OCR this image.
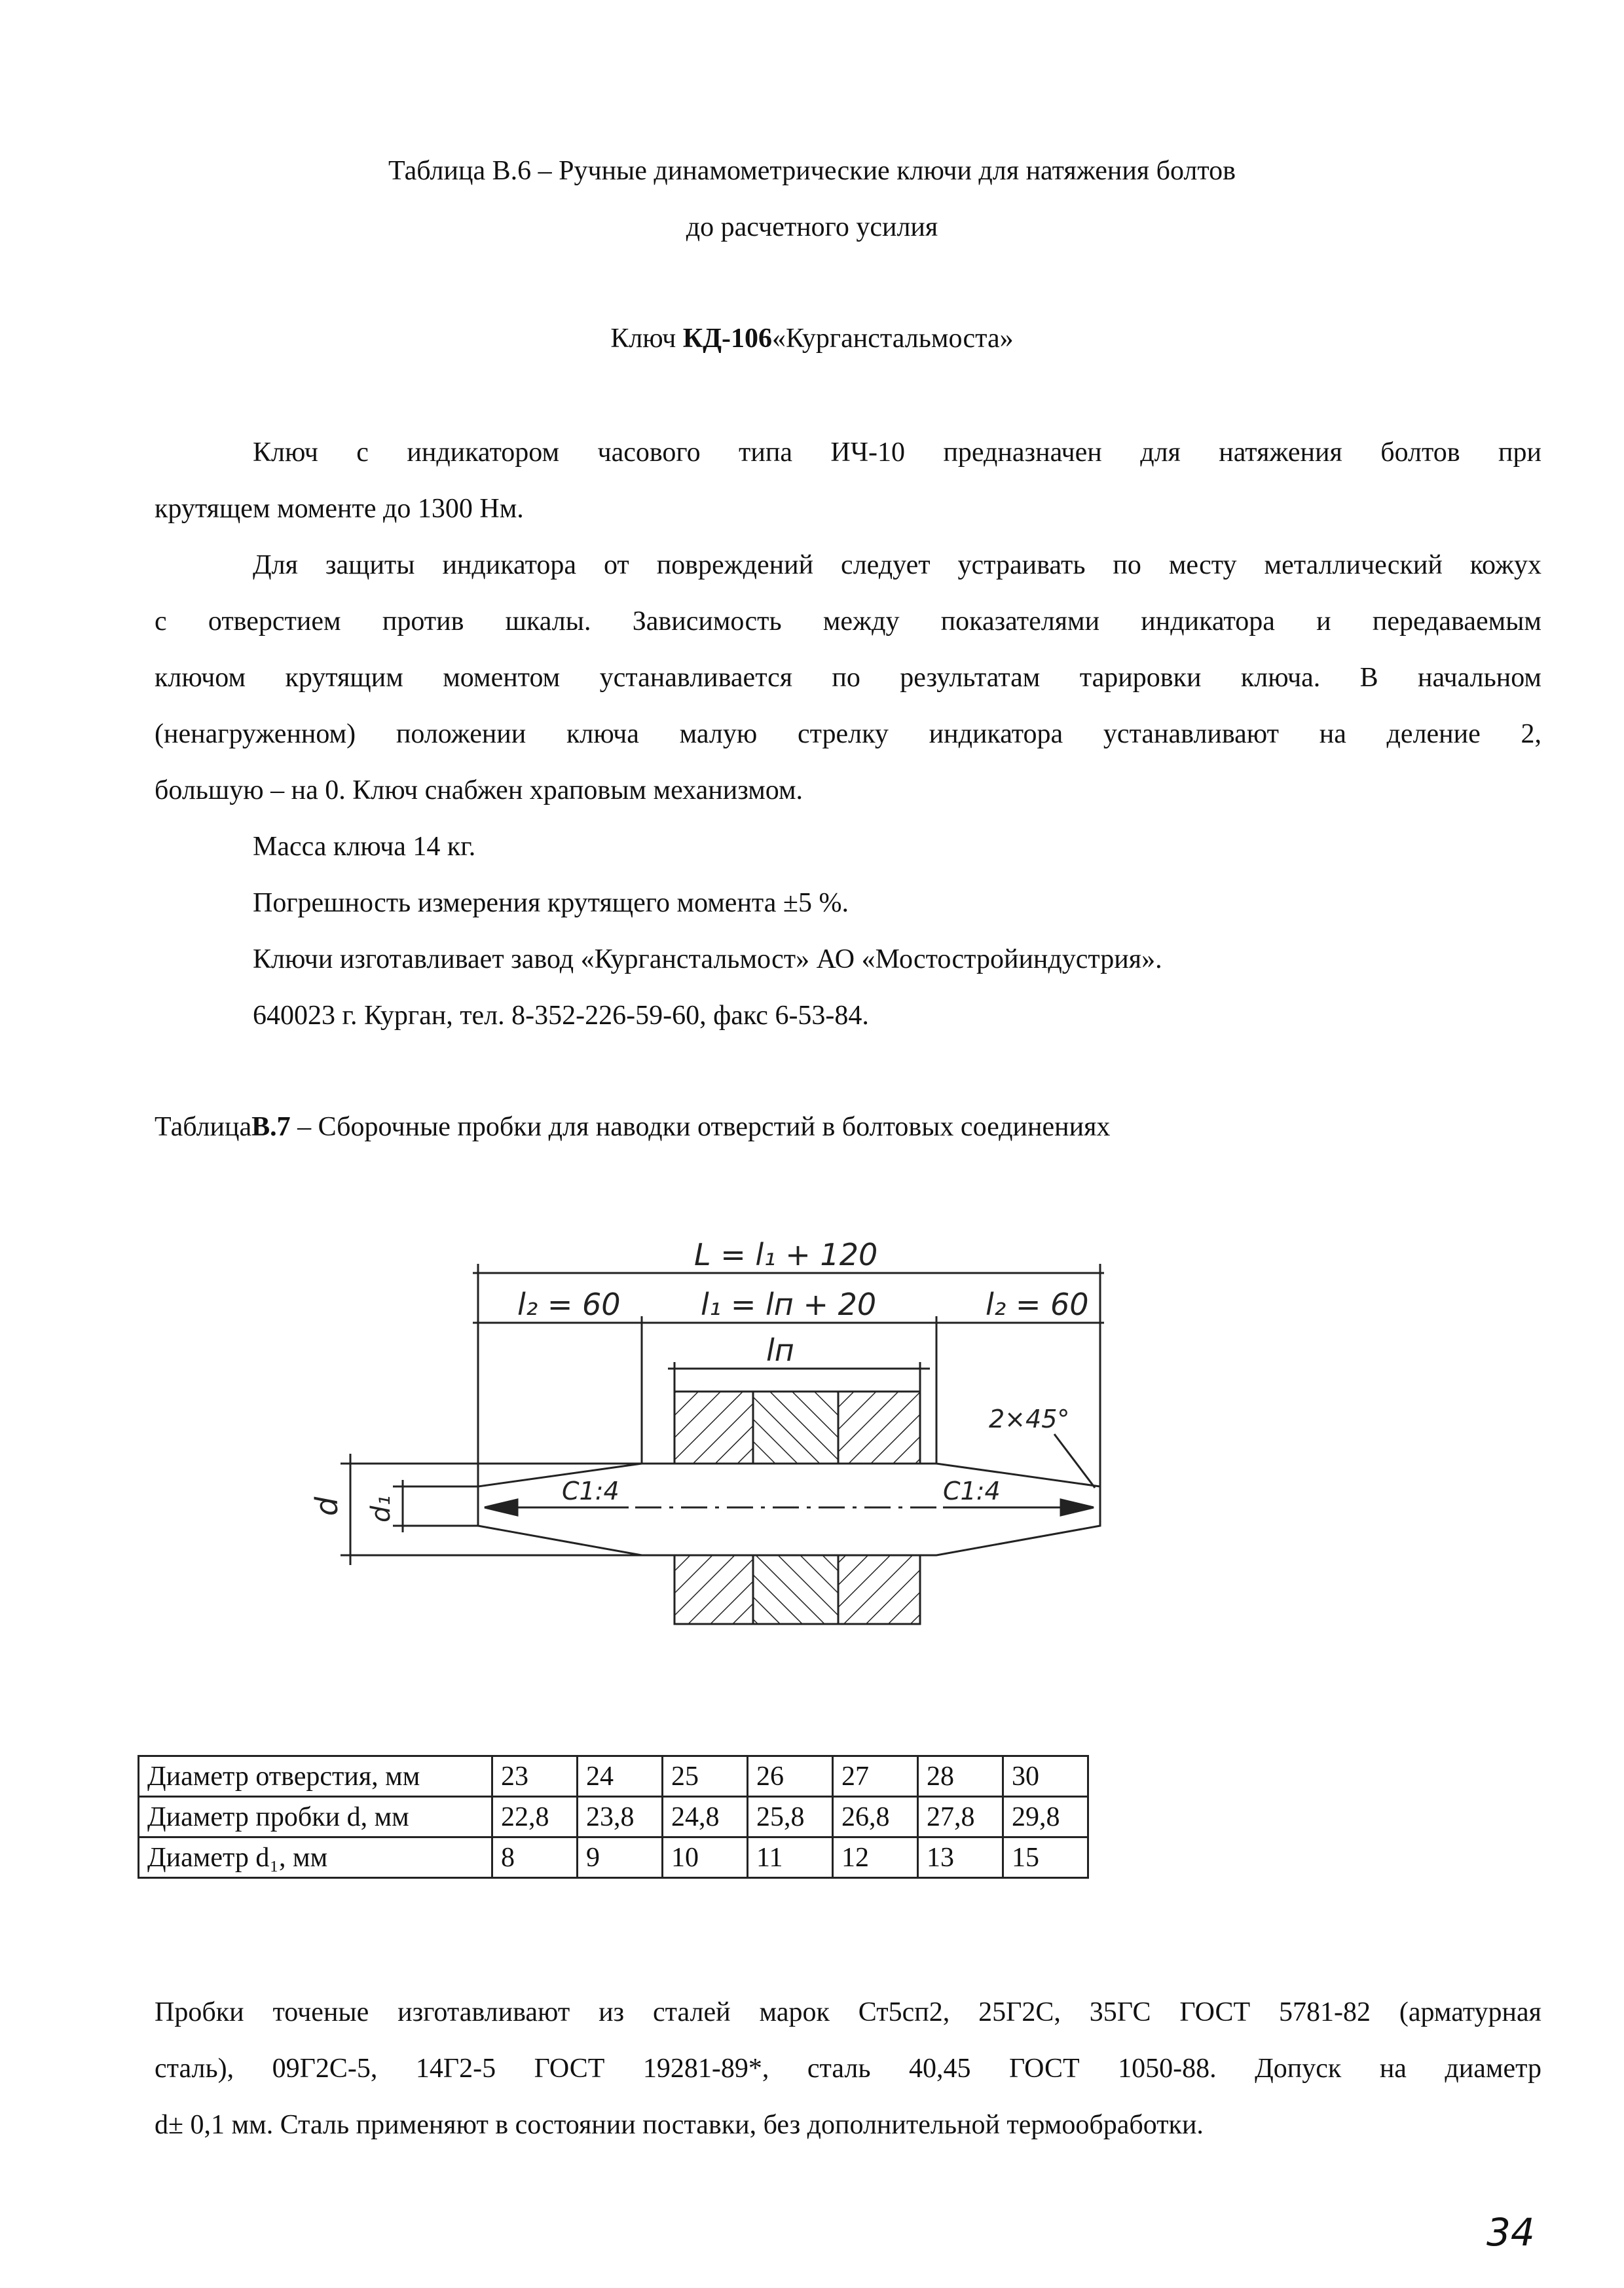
Таблица В.6 – Ручные динамометрические ключи для натяжения болтов
до расчетного усилия
Ключ КД-106«Курганстальмоста»
Ключ с индикатором часового типа ИЧ-10 предназначен для натяжения болтов при
крутящем моменте до 1300 Нм.
Для защиты индикатора от повреждений следует устраивать по месту металлический кожух
с отверстием против шкалы. Зависимость между показателями индикатора и передаваемым
ключом крутящим моментом устанавливается по результатам тарировки ключа. В начальном
(ненагруженном) положении ключа малую стрелку индикатора устанавливают на деление 2,
большую – на 0. Ключ снабжен храповым механизмом.
Масса ключа 14 кг.
Погрешность измерения крутящего момента ±5 %.
Ключи изготавливает завод «Курганстальмост» АО «Мостостройиндустрия».
640023 г. Курган, тел. 8-352-226-59-60, факс 6-53-84.
ТаблицаВ.7 – Сборочные пробки для наводки отверстий в болтовых соединениях
L = l₁ + 120
l₂ = 60	l₁ = lп + 20	l₂ = 60
lп
2×45°
C1:4	C1:4
d d₁
Диаметр отверстия, мм	23	24	25	26	27	28	30
Диаметр пробки d, мм	22,8	23,8	24,8	25,8	26,8	27,8	29,8
Диаметр d₁, мм	8	9	10	11	12	13	15
Пробки точеные изготавливают из сталей марок Ст5сп2, 25Г2С, 35ГС ГОСТ 5781-82 (арматурная
сталь), 09Г2С-5, 14Г2-5 ГОСТ 19281-89*, сталь 40,45 ГОСТ 1050-88. Допуск на диаметр
d± 0,1 мм. Сталь применяют в состоянии поставки, без дополнительной термообработки.
34
